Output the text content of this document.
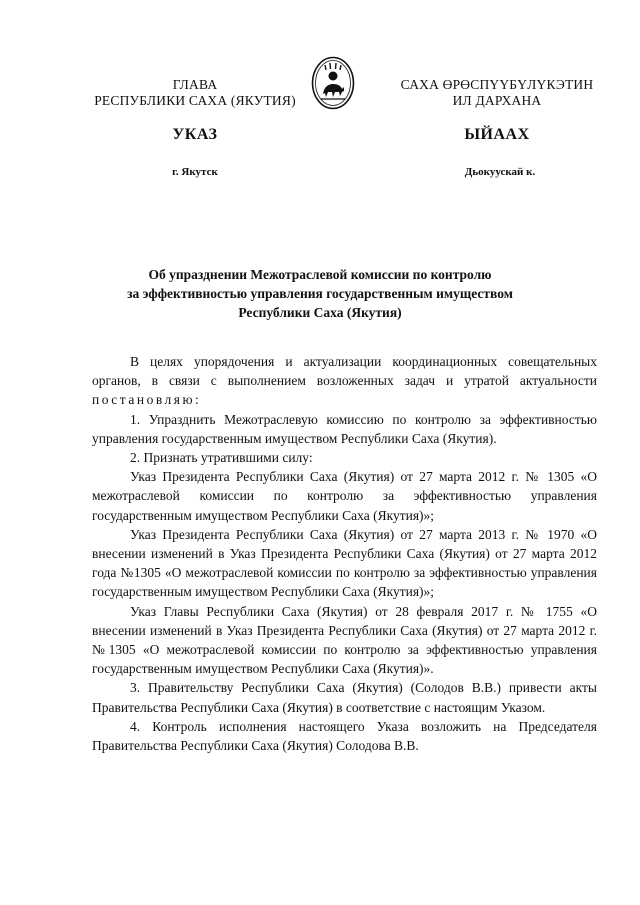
ГЛАВА
РЕСПУБЛИКИ САХА (ЯКУТИЯ)
САХА ӨРӨСПҮҮБҮЛҮКЭТИН
ИЛ ДАРХАНА
УКАЗ	ЫЙААХ
г. Якутск	Дьокуускай к.
Об упразднении Межотраслевой комиссии по контролю
за эффективностью управления государственным имуществом
Республики Саха (Якутия)

В целях упорядочения и актуализации координационных совещательных органов, в связи с выполнением возложенных задач и утратой актуальности постановляю:

1. Упразднить Межотраслевую комиссию по контролю за эффективностью управления государственным имуществом Республики Саха (Якутия).

2. Признать утратившими силу:

Указ Президента Республики Саха (Якутия) от 27 марта 2012 г. № 1305 «О межотраслевой комиссии по контролю за эффективностью управления государственным имуществом Республики Саха (Якутия)»;

Указ Президента Республики Саха (Якутия) от 27 марта 2013 г. № 1970 «О внесении изменений в Указ Президента Республики Саха (Якутия) от 27 марта 2012 года №1305 «О межотраслевой комиссии по контролю за эффективностью управления государственным имуществом Республики Саха (Якутия)»;

Указ Главы Республики Саха (Якутия) от 28 февраля 2017 г. № 1755 «О внесении изменений в Указ Президента Республики Саха (Якутия) от 27 марта 2012 г. №1305 «О межотраслевой комиссии по контролю за эффективностью управления государственным имуществом Республики Саха (Якутия)».

3. Правительству Республики Саха (Якутия) (Солодов В.В.) привести акты Правительства Республики Саха (Якутия) в соответствие с настоящим Указом.

4. Контроль исполнения настоящего Указа возложить на Председателя Правительства Республики Саха (Якутия) Солодова В.В.
